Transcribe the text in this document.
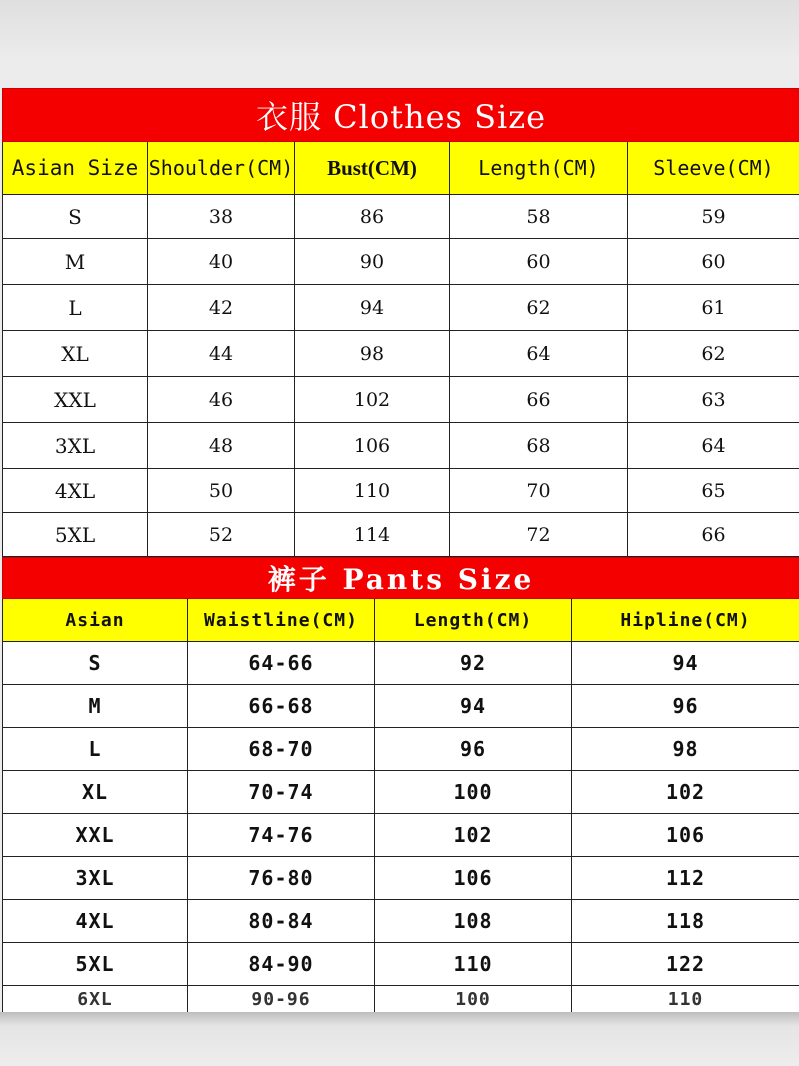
衣服 Clothes Size				
Asian Size	Shoulder(CM)	Bust(CM)	Length(CM)	Sleeve(CM)
S	38	86	58	59
M	40	90	60	60
L	42	94	62	61
XL	44	98	64	62
XXL	46	102	66	63
3XL	48	106	68	64
4XL	50	110	70	65
5XL	52	114	72	66
裤子 Pants Size			
Asian	Waistline(CM)	Length(CM)	Hipline(CM)
S	64-66	92	94
M	66-68	94	96
L	68-70	96	98
XL	70-74	100	102
XXL	74-76	102	106
3XL	76-80	106	112
4XL	80-84	108	118
5XL	84-90	110	122

6XL	90-96	100	110
